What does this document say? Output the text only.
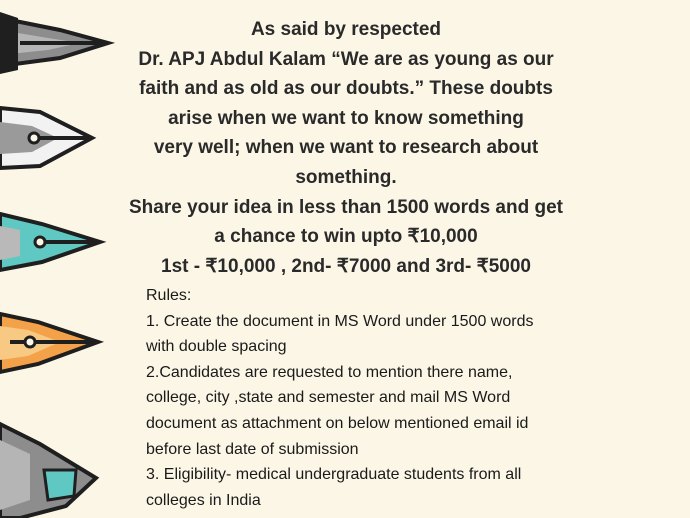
As said by respected
Dr. APJ Abdul Kalam “We are as young as our
faith and as old as our doubts.” These doubts
arise when we want to know something
very well; when we want to research about
something.
Share your idea in less than 1500 words and get
a chance to win upto ₹10,000
1st - ₹10,000 , 2nd- ₹7000 and 3rd- ₹5000
Rules:
1. Create the document in MS Word under 1500 words
with double spacing
2.Candidates are requested to mention there name,
college, city ,state and semester and mail MS Word
document as attachment on below mentioned email id
before last date of submission
3. Eligibility- medical undergraduate students from all
colleges in India
